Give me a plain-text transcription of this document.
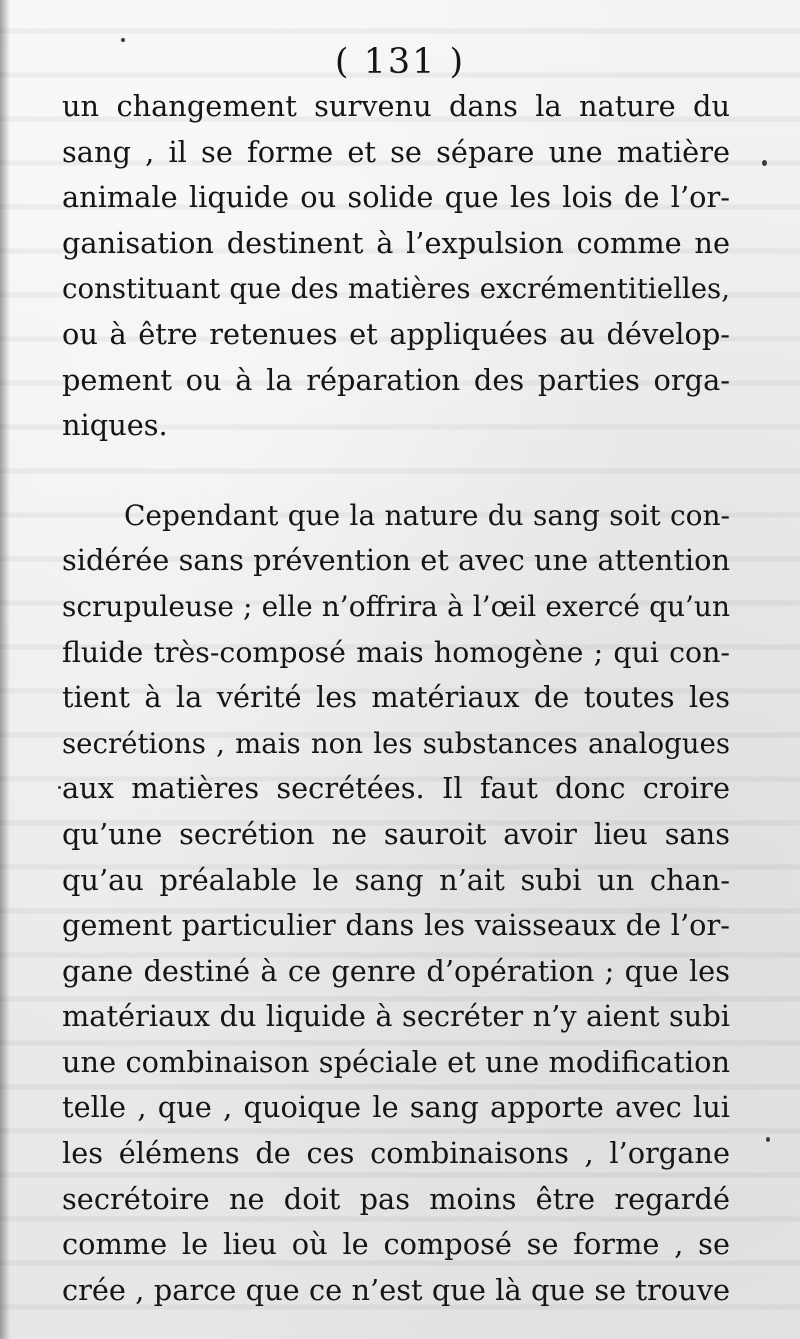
( 131 )
un changement survenu dans la nature du
sang , il se forme et se sépare une matière
animale liquide ou solide que les lois de l’or-
ganisation destinent à l’expulsion comme ne
constituant que des matières excrémentitielles,
ou à être retenues et appliquées au dévelop-
pement ou à la réparation des parties orga-
niques.
Cependant que la nature du sang soit con-
sidérée sans prévention et avec une attention
scrupuleuse ; elle n’offrira à l’œil exercé qu’un
fluide très-composé mais homogène ; qui con-
tient à la vérité les matériaux de toutes les
secrétions , mais non les substances analogues
aux matières secrétées. Il faut donc croire
qu’une secrétion ne sauroit avoir lieu sans
qu’au préalable le sang n’ait subi un chan-
gement particulier dans les vaisseaux de l’or-
gane destiné à ce genre d’opération ; que les
matériaux du liquide à secréter n’y aient subi
une combinaison spéciale et une modification
telle , que , quoique le sang apporte avec lui
les élémens de ces combinaisons , l’organe
secrétoire ne doit pas moins être regardé
comme le lieu où le composé se forme , se
crée , parce que ce n’est que là que se trouve
